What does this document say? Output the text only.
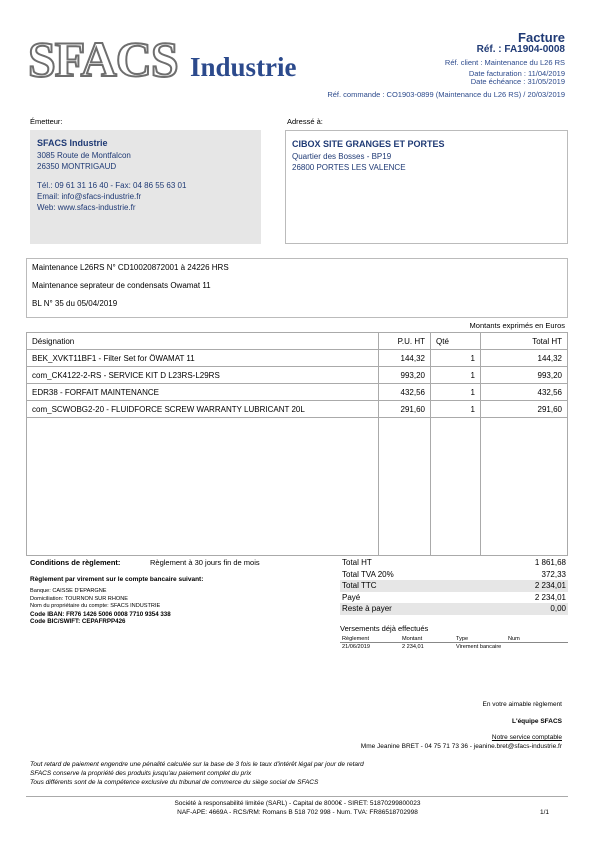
SFACS Industrie
Facture
Réf. : FA1904-0008
Réf. client : Maintenance du L26 RS
Date facturation : 11/04/2019
Date échéance : 31/05/2019
Réf. commande : CO1903-0899 (Maintenance du L26 RS) / 20/03/2019
Émetteur:	Adressé à:
SFACS Industrie
3085 Route de Montfalcon
26350 MONTRIGAUD
Tél.: 09 61 31 16 40 - Fax: 04 86 55 63 01
Email: info@sfacs-industrie.fr
Web: www.sfacs-industrie.fr
CIBOX SITE GRANGES ET PORTES
Quartier des Bosses - BP19
26800 PORTES LES VALENCE
Maintenance L26RS N° CD10020872001 à 24226 HRS
Maintenance seprateur de condensats Owamat 11
BL N° 35 du 05/04/2019
Montants exprimés en Euros
Désignation	P.U. HT	Qté	Total HT
BEK_XVKT11BF1 - Filter Set for ÖWAMAT 11	144,32	1	144,32
com_CK4122-2-RS - SERVICE KIT D L23RS-L29RS	993,20	1	993,20
EDR38 - FORFAIT MAINTENANCE	432,56	1	432,56
com_SCWOBG2-20 - FLUIDFORCE SCREW WARRANTY LUBRICANT 20L	291,60	1	291,60

Conditions de règlement:	Règlement à 30 jours fin de mois
Règlement par virement sur le compte bancaire suivant:
Banque: CAISSE D'EPARGNE
Domiciliation: TOURNON SUR RHONE
Nom du propriétaire du compte: SFACS INDUSTRIE
Code IBAN: FR76 1426 5006 0008 7710 9354 338
Code BIC/SWIFT: CEPAFRPP426
Total HT	1 861,68
Total TVA 20%	372,33
Total TTC	2 234,01
Payé	2 234,01
Reste à payer	0,00
Versements déjà effectués
Règlement	Montant	Type	Num
21/06/2019	2 234,01	Virement bancaire	
En votre aimable règlement
L'équipe SFACS
Notre service comptable
Mme Jeanine BRET - 04 75 71 73 36 - jeanine.bret@sfacs-industrie.fr
Tout retard de paiement engendre une pénalité calculée sur la base de 3 fois le taux d'intérêt légal par jour de retard
SFACS conserve la propriété des produits jusqu'au paiement complet du prix
Tous différents sont de la compétence exclusive du tribunal de commerce du siège social de SFACS
Société à responsabilité limitée (SARL) - Capital de 8000€ - SIRET: 51870299800023
NAF-APE: 4669A - RCS/RM: Romans B 518 702 998 - Num. TVA: FR86518702998	1/1
